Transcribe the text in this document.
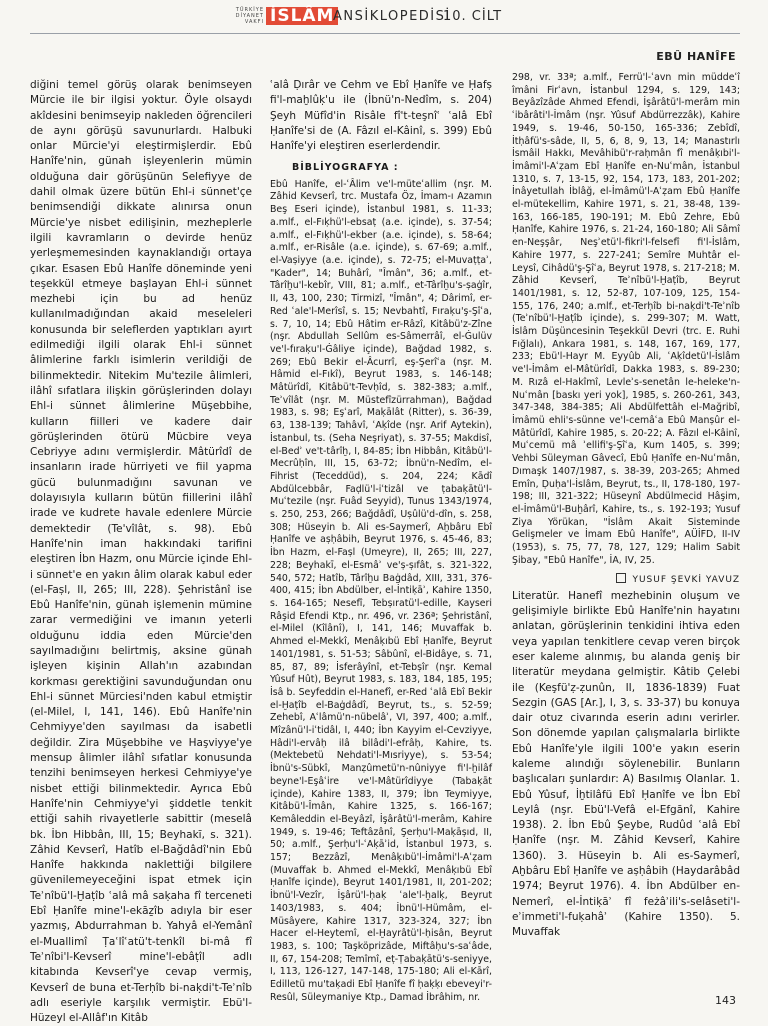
TÜRKİYE DİYANET VAKFI İSLÂM
ANSİKLOPEDİSİ
10. CİLT
EBÛ HANÎFE

diğini temel görüş olarak benimseyen Mürcie ile bir ilgisi yoktur. Öyle olsaydı akîdesini benimseyip nakleden öğrencileri de aynı görüşü savunurlardı. Halbuki onlar Mürcie'yi eleştirmişlerdir. Ebû Hanîfe'nin, günah işleyenlerin mümin olduğuna dair görüşünün Selefiyye de dahil olmak üzere bütün Ehl-i sünnet'çe benimsendiği dikkate alınırsa onun Mürcie'ye nisbet edilişinin, mezheplerle ilgili kavramların o devirde henüz yerleşmemesinden kaynaklandığı ortaya çıkar. Esasen Ebû Hanîfe döneminde yeni teşekkül etmeye başlayan Ehl-i sünnet mezhebi için bu ad henüz kullanılmadığından akaid meseleleri konusunda bir seleflerden yaptıkları ayırt edilmediği ilgili olarak Ehl-i sünnet âlimlerine farklı isimlerin verildiği de bilinmektedir. Nitekim Mu'tezile âlimleri, ilâhî sıfatlara ilişkin görüşlerinden dolayı Ehl-i sünnet âlimlerine Müşebbihe, kulların fiilleri ve kadere dair görüşlerinden ötürü Mücbire veya Cebriyye adını vermişlerdir. Mâtürîdî de insanların irade hürriyeti ve fiil yapma gücü bulunmadığını savunan ve dolayısıyla kulların bütün fiillerini ilâhî irade ve kudrete havale edenlere Mürcie demektedir (Te'vîlât, s. 98). Ebû Hanîfe'nin iman hakkındaki tarifini eleştiren İbn Hazm, onu Mürcie içinde Ehl-i sünnet'e en yakın âlim olarak kabul eder (el-Faṣl, II, 265; III, 228). Şehristânî ise Ebû Hanîfe'nin, günah işlemenin mümine zarar vermediğini ve imanın yeterli olduğunu iddia eden Mürcie'den sayılmadığını belirtmiş, aksine günah işleyen kişinin Allah'ın azabından korkması gerektiğini savunduğundan onu Ehl-i sünnet Mürciesi'nden kabul etmiştir (el-Milel, I, 141, 146). Ebû Hanîfe'nin Cehmiyye'den sayılması da isabetli değildir. Zira Müşebbihe ve Haşviyye'ye mensup âlimler ilâhî sıfatlar konusunda tenzihi benimseyen herkesi Cehmiyye'ye nisbet ettiği bilinmektedir. Ayrıca Ebû Hanîfe'nin Cehmiyye'yi şiddetle tenkit ettiği sahih rivayetlerle sabittir (meselâ bk. İbn Hibbân, III, 15; Beyhakī, s. 321). Zâhid Kevserî, Hatîb el-Bağdâdî'nin Ebû Hanîfe hakkında naklettiği bilgilere güvenilemeyeceğini ispat etmek için Teʾnîbü'l-Ḫaṭîb ʿalâ mâ saḳaha fî terceneti Ebî Ḥanîfe mine'l-ekāẕîb adıyla bir eser yazmış, Abdurrahman b. Yahyâ el-Yemânî el-Muallimî Ṭaʿlîʿatü't-tenkîl bi-mâ fî Teʾnîbi'l-Kevserî mine'l-ebâṭîl adlı kitabında Kevserî'ye cevap vermiş, Kevserî de buna et-Terḥîb bi-naḳdi't-Teʾnîb adlı eseriyle karşılık vermiştir. Ebü'l-Hüzeyl el-Allâf'ın Kitâb

ʿalâ Ḍırâr ve Cehm ve Ebî Ḥanîfe ve Ḥafṣ fi'l-maḫlûḳ'u ile (İbnü'n-Nedîm, s. 204) Şeyh Müfîd'in Risâle fî't-teşnîʿ ʿalâ Ebî Ḥanîfe'si de (A. Fâzıl el-Kâinî, s. 399) Ebû Hanîfe'yi eleştiren eserlerdendir.

BİBLİYOGRAFYA :

Ebû Hanîfe, el-ʿÂlim ve'l-müteʿallim (nşr. M. Zâhid Kevserî, trc. Mustafa Öz, İmam-ı Azamın Beş Eseri içinde), İstanbul 1981, s. 11-33; a.mlf., el-Fıḳhü'l-ebsaṭ (a.e. içinde), s. 37-54; a.mlf., el-Fıḳhü'l-ekber (a.e. içinde), s. 58-64; a.mlf., er-Risâle (a.e. içinde), s. 67-69; a.mlf., el-Vaṣiyye (a.e. içinde), s. 72-75; el-Muvaṭṭaʾ, "Kader", 14; Buhârî, "Îmân", 36; a.mlf., et-Târîḫu'l-kebîr, VIII, 81; a.mlf., et-Târîḫu's-ṣaġîr, II, 43, 100, 230; Tirmizî, "Îmân", 4; Dârimî, er-Red ʿale'l-Merîsî, s. 15; Nevbahtî, Fıraḳu'ş-Şîʿa, s. 7, 10, 14; Ebû Hâtim er-Râzî, Kitâbü'z-Zîne (nşr. Abdullah Sellûm es-Sâmerrâî, el-Ġulüv ve'l-fıraḳu'l-Ġâliye içinde), Bağdad 1982, s. 269; Ebû Bekir el-Âcurrî, eş-Şerîʿa (nşr. M. Hâmid el-Fıkî), Beyrut 1983, s. 146-148; Mâtürîdî, Kitâbü't-Tevḥîd, s. 382-383; a.mlf., Teʾvîlât (nşr. M. Müstefîzürrahman), Bağdad 1983, s. 98; Eşʿarî, Maḳālât (Ritter), s. 36-39, 63, 138-139; Tahâvî, ʿAḳîde (nşr. Arif Aytekin), İstanbul, ts. (Seha Neşriyat), s. 37-55; Makdisî, el-Bedʾ ve't-târîḫ, I, 84-85; İbn Hibbân, Kitâbü'l-Mecrûḥîn, III, 15, 63-72; İbnü'n-Nedîm, el-Fihrist (Teceddüd), s. 204, 224; Kādî Abdülcebbâr, Faḍlü'l-iʿtizâl ve ṭabaḳātü'l-Muʿtezile (nşr. Fuâd Seyyid), Tunus 1343/1974, s. 250, 253, 266; Bağdâdî, Uṣûlü'd-dîn, s. 258, 308; Hüseyin b. Ali es-Saymerî, Aḫbâru Ebî Ḥanîfe ve aṣḥâbih, Beyrut 1976, s. 45-46, 83; İbn Hazm, el-Faṣl (Umeyre), II, 265; III, 227, 228; Beyhakī, el-Esmâʾ ve'ṣ-ṣıfât, s. 321-322, 540, 572; Hatîb, Târîḫu Baġdâd, XIII, 331, 376-400, 415; İbn Abdülber, el-İntiḳāʾ, Kahire 1350, s. 164-165; Nesefî, Tebṣıratü'l-edille, Kayseri Râşid Efendi Ktp., nr. 496, vr. 236ª; Şehristânî, el-Milel (Kîlânî), I, 141, 146; Muvaffak b. Ahmed el-Mekkî, Menâḳıbü Ebî Ḥanîfe, Beyrut 1401/1981, s. 51-53; Sâbûnî, el-Bidâye, s. 71, 85, 87, 89; İsferâyînî, et-Tebṣîr (nşr. Kemal Yûsuf Hût), Beyrut 1983, s. 183, 184, 185, 195; İsâ b. Seyfeddin el-Hanefî, er-Red ʿalâ Ebî Bekir el-Ḫaṭîb el-Baġdâdî, Beyrut, ts., s. 52-59; Zehebî, Aʿlâmü'n-nübelâʾ, VI, 397, 400; a.mlf., Mîzânü'l-iʿtidâl, I, 440; İbn Kayyim el-Cevziyye, Hâdi'l-ervâḥ ilâ bilâdi'l-efrâḥ, Kahire, ts. (Mektebetü Nehdati'l-Mısriyye), s. 53-54; İbnü's-Sübkî, Manẓûmetü'n-nûniyye fi'l-ḫilâf beyne'l-Eşâʿire ve'l-Mâtürîdiyye (Tabaḳāt içinde), Kahire 1383, II, 379; İbn Teymiyye, Kitâbü'l-Îmân, Kahire 1325, s. 166-167; Kemâleddin el-Beyâzî, İşârâtü'l-merâm, Kahire 1949, s. 19-46; Teftâzânî, Şerḥu'l-Maḳāṣıd, II, 50; a.mlf., Şerḥu'l-ʿAḳāʾid, İstanbul 1973, s. 157; Bezzâzî, Menâḳıbü'l-İmâmi'l-Aʿẓam (Muvaffak b. Ahmed el-Mekkî, Menâḳıbü Ebî Ḥanîfe içinde), Beyrut 1401/1981, II, 201-202; İbnü'l-Vezîr, İşârü'l-ḥaḳ ʿale'l-ḫalḳ, Beyrut 1403/1983, s. 404; İbnü'l-Hümâm, el-Müsâyere, Kahire 1317, 323-324, 327; İbn Hacer el-Heytemî, el-Ḫayrâtü'l-ḥisân, Beyrut 1983, s. 100; Taşköprizâde, Miftâḥu's-saʿâde, II, 67, 154-208; Temîmî, eṭ-Ṭabaḳātü's-seniyye, I, 113, 126-127, 147-148, 175-180; Ali el-Kārî, Edilletü mu'taḳadi Ebî Ḥanîfe fî ḥaḳḳı ebeveyi'r-Resûl, Süleymaniye Ktp., Damad İbrâhim, nr.

298, vr. 33ª; a.mlf., Ferrü'l-ʿavn min müddeʿî îmâni Firʿavn, İstanbul 1294, s. 129, 143; Beyâzîzâde Ahmed Efendi, İşârâtü'l-merâm min ʿibârâti'l-İmâm (nşr. Yûsuf Abdürrezzâk), Kahire 1949, s. 19-46, 50-150, 165-336; Zebîdî, İtḥâfü's-sâde, II, 5, 6, 8, 9, 13, 14; Manastırlı İsmâil Hakkı, Mevâhibü'r-raḥmân fî menâḳıbi'l-İmâmi'l-Aʿẓam Ebî Ḥanîfe en-Nuʿmân, İstanbul 1310, s. 7, 13-15, 92, 154, 173, 183, 201-202; İnâyetullah İblâğ, el-İmâmü'l-Aʿẓam Ebû Ḥanîfe el-mütekellim, Kahire 1971, s. 21, 38-48, 139-163, 166-185, 190-191; M. Ebû Zehre, Ebû Ḥanîfe, Kahire 1976, s. 21-24, 160-180; Ali Sâmî en-Neşşâr, Neşʾetü'l-fikri'l-felsefî fi'l-İslâm, Kahire 1977, s. 227-241; Semîre Muhtâr el-Leysî, Cihâdü'ş-Şîʿa, Beyrut 1978, s. 217-218; M. Zâhid Kevserî, Teʾnîbü'l-Ḫaṭîb, Beyrut 1401/1981, s. 12, 52-87, 107-109, 125, 154-155, 176, 240; a.mlf., et-Terḥîb bi-naḳdi't-Teʾnîb (Teʾnîbü'l-Ḫaṭîb içinde), s. 299-307; M. Watt, İslâm Düşüncesinin Teşekkül Devri (trc. E. Ruhi Fığlalı), Ankara 1981, s. 148, 167, 169, 177, 233; Ebü'l-Hayr M. Eyyûb Ali, ʿAḳîdetü'l-İslâm ve'l-İmâm el-Mâtürîdî, Dakka 1983, s. 89-230; M. Rızâ el-Hakîmî, Levleʾs-senetân le-heleke'n-Nuʿmân [baskı yeri yok], 1985, s. 260-261, 343, 347-348, 384-385; Ali Abdülfettâh el-Mağribî, İmâmü ehli's-sünne ve'l-cemâʿa Ebû Manṣûr el-Mâtürîdî, Kahire 1985, s. 20-22; A. Fâzıl el-Kâinî, Muʿcemü mâ ʾellifi'ş-Şîʿa, Kum 1405, s. 399; Vehbi Süleyman Gâvecî, Ebû Ḥanîfe en-Nuʿmân, Dımaşk 1407/1987, s. 38-39, 203-265; Ahmed Emîn, Ḍuḥa'l-İslâm, Beyrut, ts., II, 178-180, 197-198; III, 321-322; Hüseynî Abdülmecid Hâşim, el-İmâmü'l-Buḫârî, Kahire, ts., s. 192-193; Yusuf Ziya Yörükan, "İslâm Akait Sisteminde Gelişmeler ve İmam Ebû Hanîfe", AÜİFD, II-IV (1953), s. 75, 77, 78, 127, 129; Halim Sabit Şibay, "Ebû Hanîfe", İA, IV, 25.

YUSUF ŞEVKİ YAVUZ

Literatür. Hanefî mezhebinin oluşum ve gelişimiyle birlikte Ebû Hanîfe'nin hayatını anlatan, görüşlerinin tenkidini ihtiva eden veya yapılan tenkitlere cevap veren birçok eser kaleme alınmış, bu alanda geniş bir literatür meydana gelmiştir. Kâtib Çelebi ile (Keşfü'ẓ-ẓunûn, II, 1836-1839) Fuat Sezgin (GAS [Ar.], I, 3, s. 33-37) bu konuya dair otuz civarında eserin adını verirler. Son dönemde yapılan çalışmalarla birlikte Ebû Hanîfe'yle ilgili 100'e yakın eserin kaleme alındığı söylenebilir. Bunların başlıcaları şunlardır: A) Basılmış Olanlar. 1. Ebû Yûsuf, İḫtilâfü Ebî Ḥanîfe ve İbn Ebî Leylâ (nşr. Ebü'l-Vefâ el-Efgānî, Kahire 1938). 2. İbn Ebû Şeybe, Rudûd ʿalâ Ebî Ḥanîfe (nşr. M. Zâhid Kevserî, Kahire 1360). 3. Hüseyin b. Ali es-Saymerî, Aḫbâru Ebî Ḥanîfe ve aṣḥâbih (Haydarâbâd 1974; Beyrut 1976). 4. İbn Abdülber en-Nemerî, el-İntiḳāʾ fî feżâʾili's-selâseti'l-eʾimmeti'l-fuḳahâʾ (Kahire 1350). 5. Muvaffak

143
